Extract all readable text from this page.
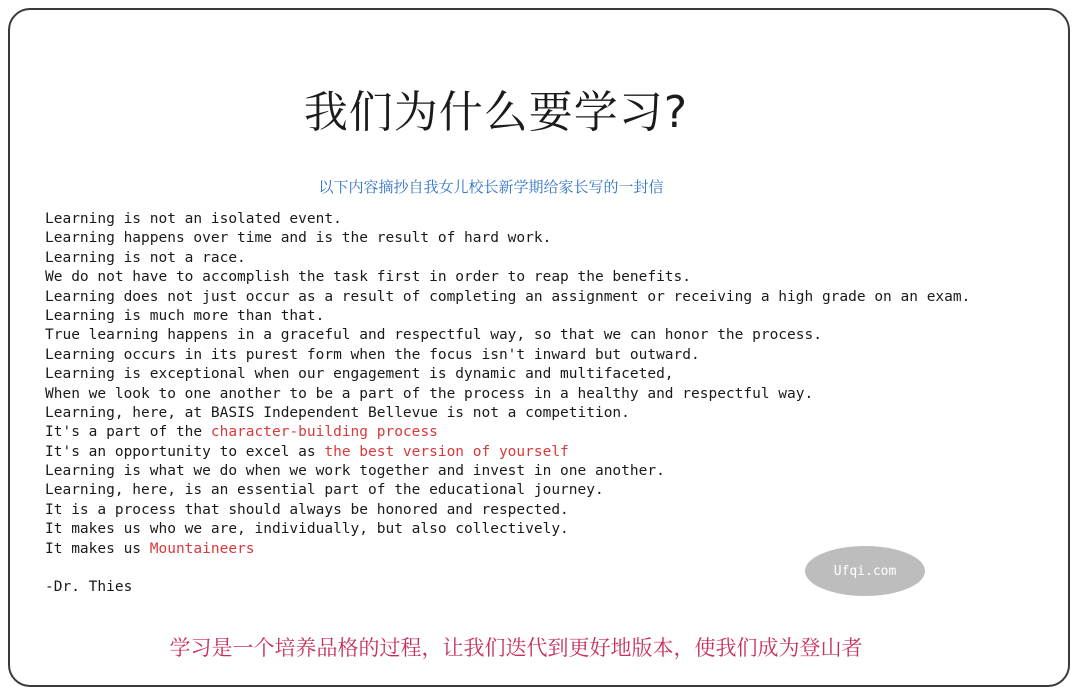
我们为什么要学习?
以下内容摘抄自我女儿校长新学期给家长写的一封信
Learning is not an isolated event.
Learning happens over time and is the result of hard work.
Learning is not a race.
We do not have to accomplish the task first in order to reap the benefits.
Learning does not just occur as a result of completing an assignment or receiving a high grade on an exam.
Learning is much more than that.
True learning happens in a graceful and respectful way, so that we can honor the process.
Learning occurs in its purest form when the focus isn't inward but outward.
Learning is exceptional when our engagement is dynamic and multifaceted,
When we look to one another to be a part of the process in a healthy and respectful way.
Learning, here, at BASIS Independent Bellevue is not a competition.
It's a part of the character-building process
It's an opportunity to excel as the best version of yourself
Learning is what we do when we work together and invest in one another.
Learning, here, is an essential part of the educational journey.
It is a process that should always be honored and respected.
It makes us who we are, individually, but also collectively.
It makes us Mountaineers
-Dr. Thies
Ufqi.com
学习是一个培养品格的过程，让我们迭代到更好地版本，使我们成为登山者
